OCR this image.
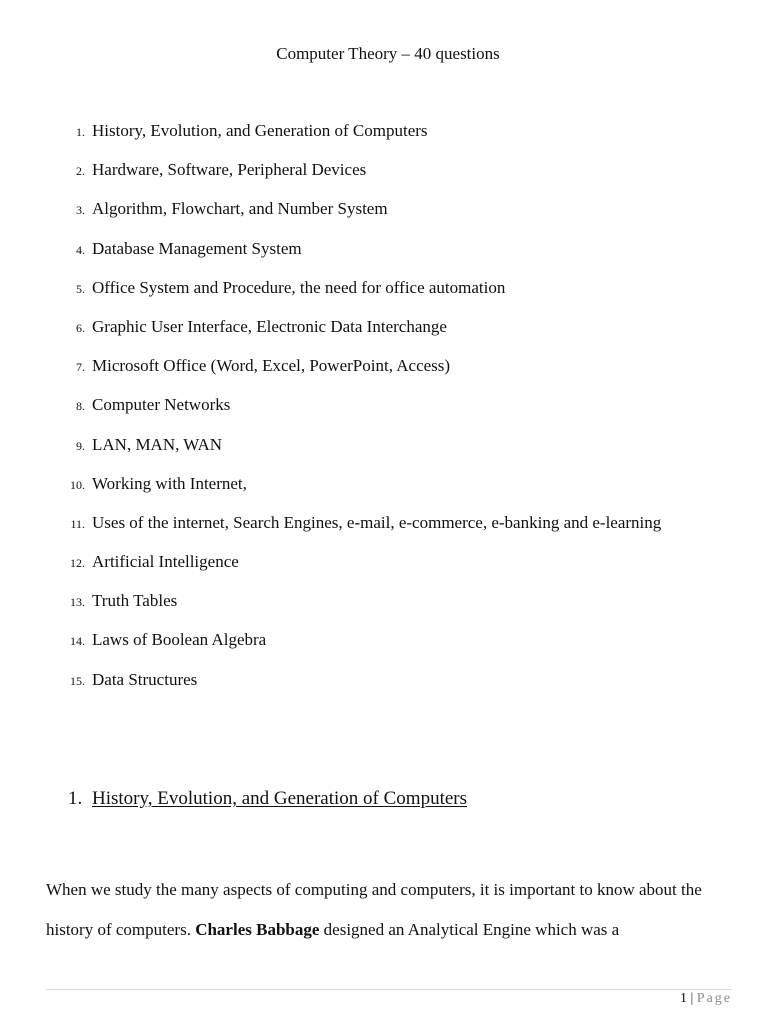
Computer Theory – 40 questions
1. History, Evolution, and Generation of Computers
2. Hardware, Software, Peripheral Devices
3. Algorithm, Flowchart, and Number System
4. Database Management System
5. Office System and Procedure, the need for office automation
6. Graphic User Interface, Electronic Data Interchange
7. Microsoft Office (Word, Excel, PowerPoint, Access)
8. Computer Networks
9. LAN, MAN, WAN
10. Working with Internet,
11. Uses of the internet, Search Engines, e-mail, e-commerce, e-banking and e-learning
12. Artificial Intelligence
13. Truth Tables
14. Laws of Boolean Algebra
15. Data Structures
1. History, Evolution, and Generation of Computers

When we study the many aspects of computing and computers, it is important to know about the history of computers. Charles Babbage designed an Analytical Engine which was a

1 | Page
